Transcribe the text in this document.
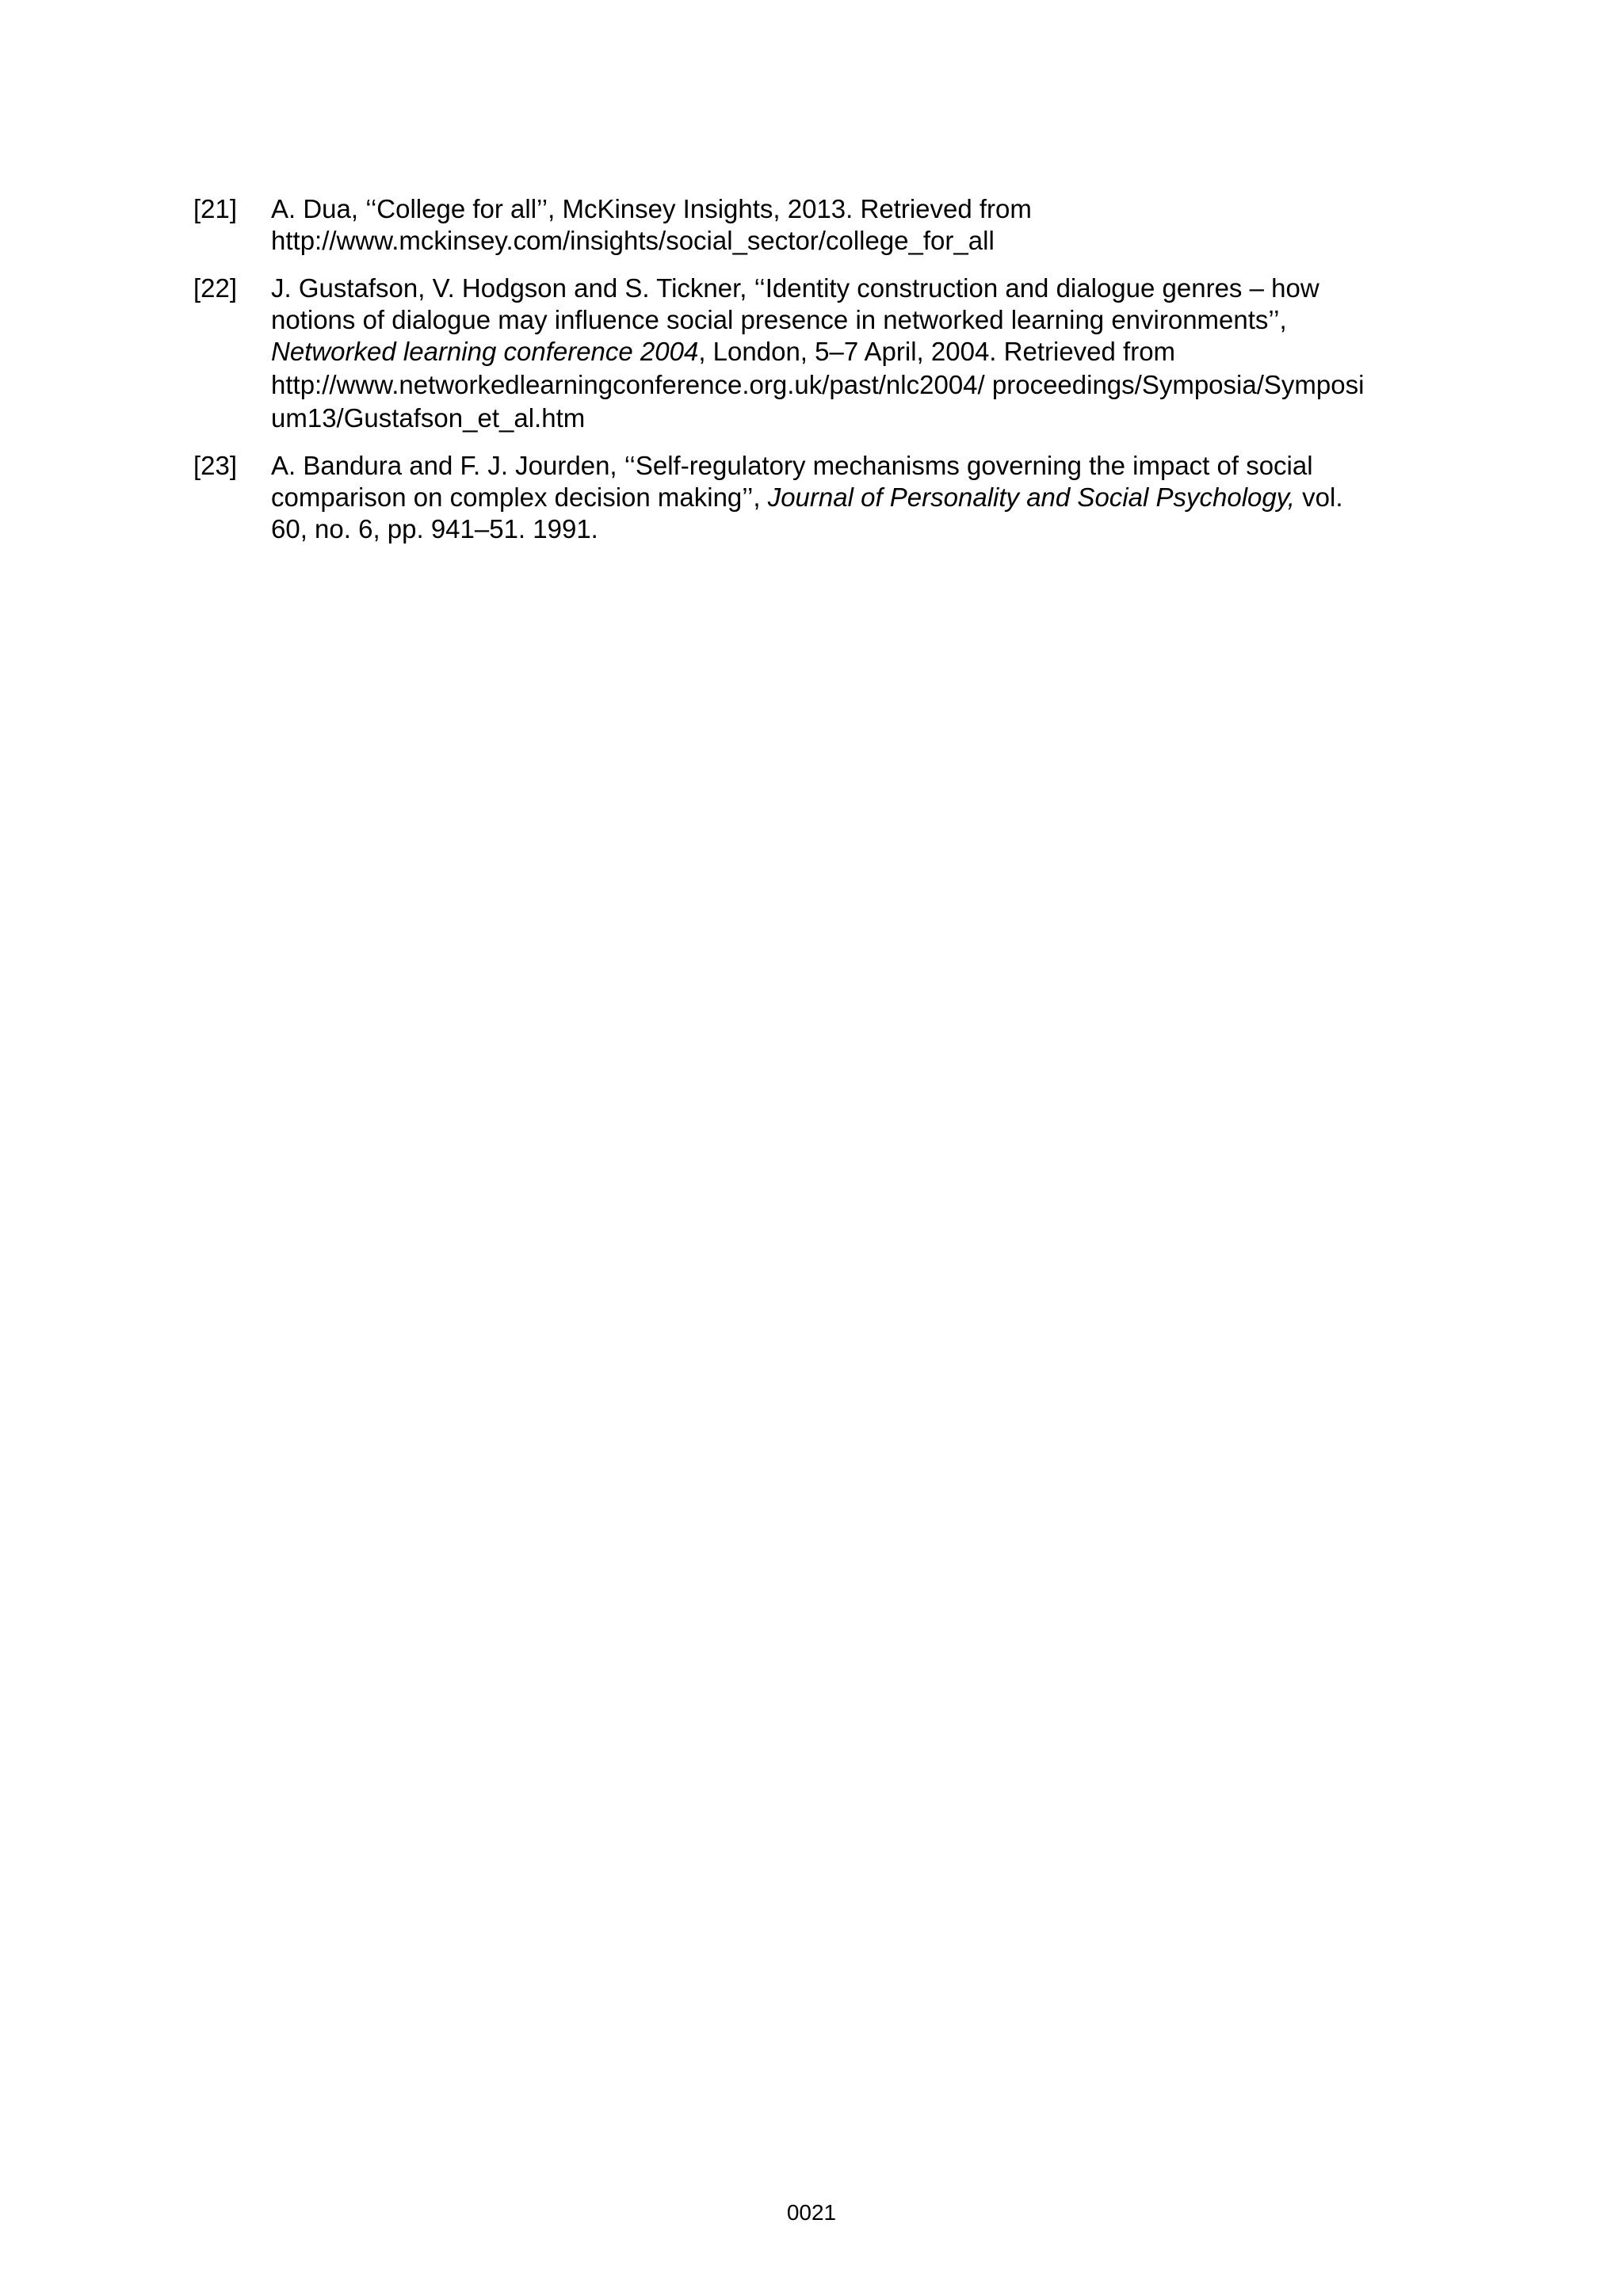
[21]	A. Dua, ‘‘College for all’’, McKinsey Insights, 2013. Retrieved from
http://www.mckinsey.com/insights/social_sector/college_for_all
[22]	J. Gustafson, V. Hodgson and S. Tickner, ‘‘Identity construction and dialogue genres – how
notions of dialogue may influence social presence in networked learning environments’’,
Networked learning conference 2004, London, 5–7 April, 2004. Retrieved from
http://www.networkedlearningconference.org.uk/past/nlc2004/ proceedings/Symposia/Symposi
um13/Gustafson_et_al.htm
[23]	A. Bandura and F. J. Jourden, ‘‘Self-regulatory mechanisms governing the impact of social
comparison on complex decision making’’, Journal of Personality and Social Psychology, vol.
60, no. 6, pp. 941–51. 1991.
0021
